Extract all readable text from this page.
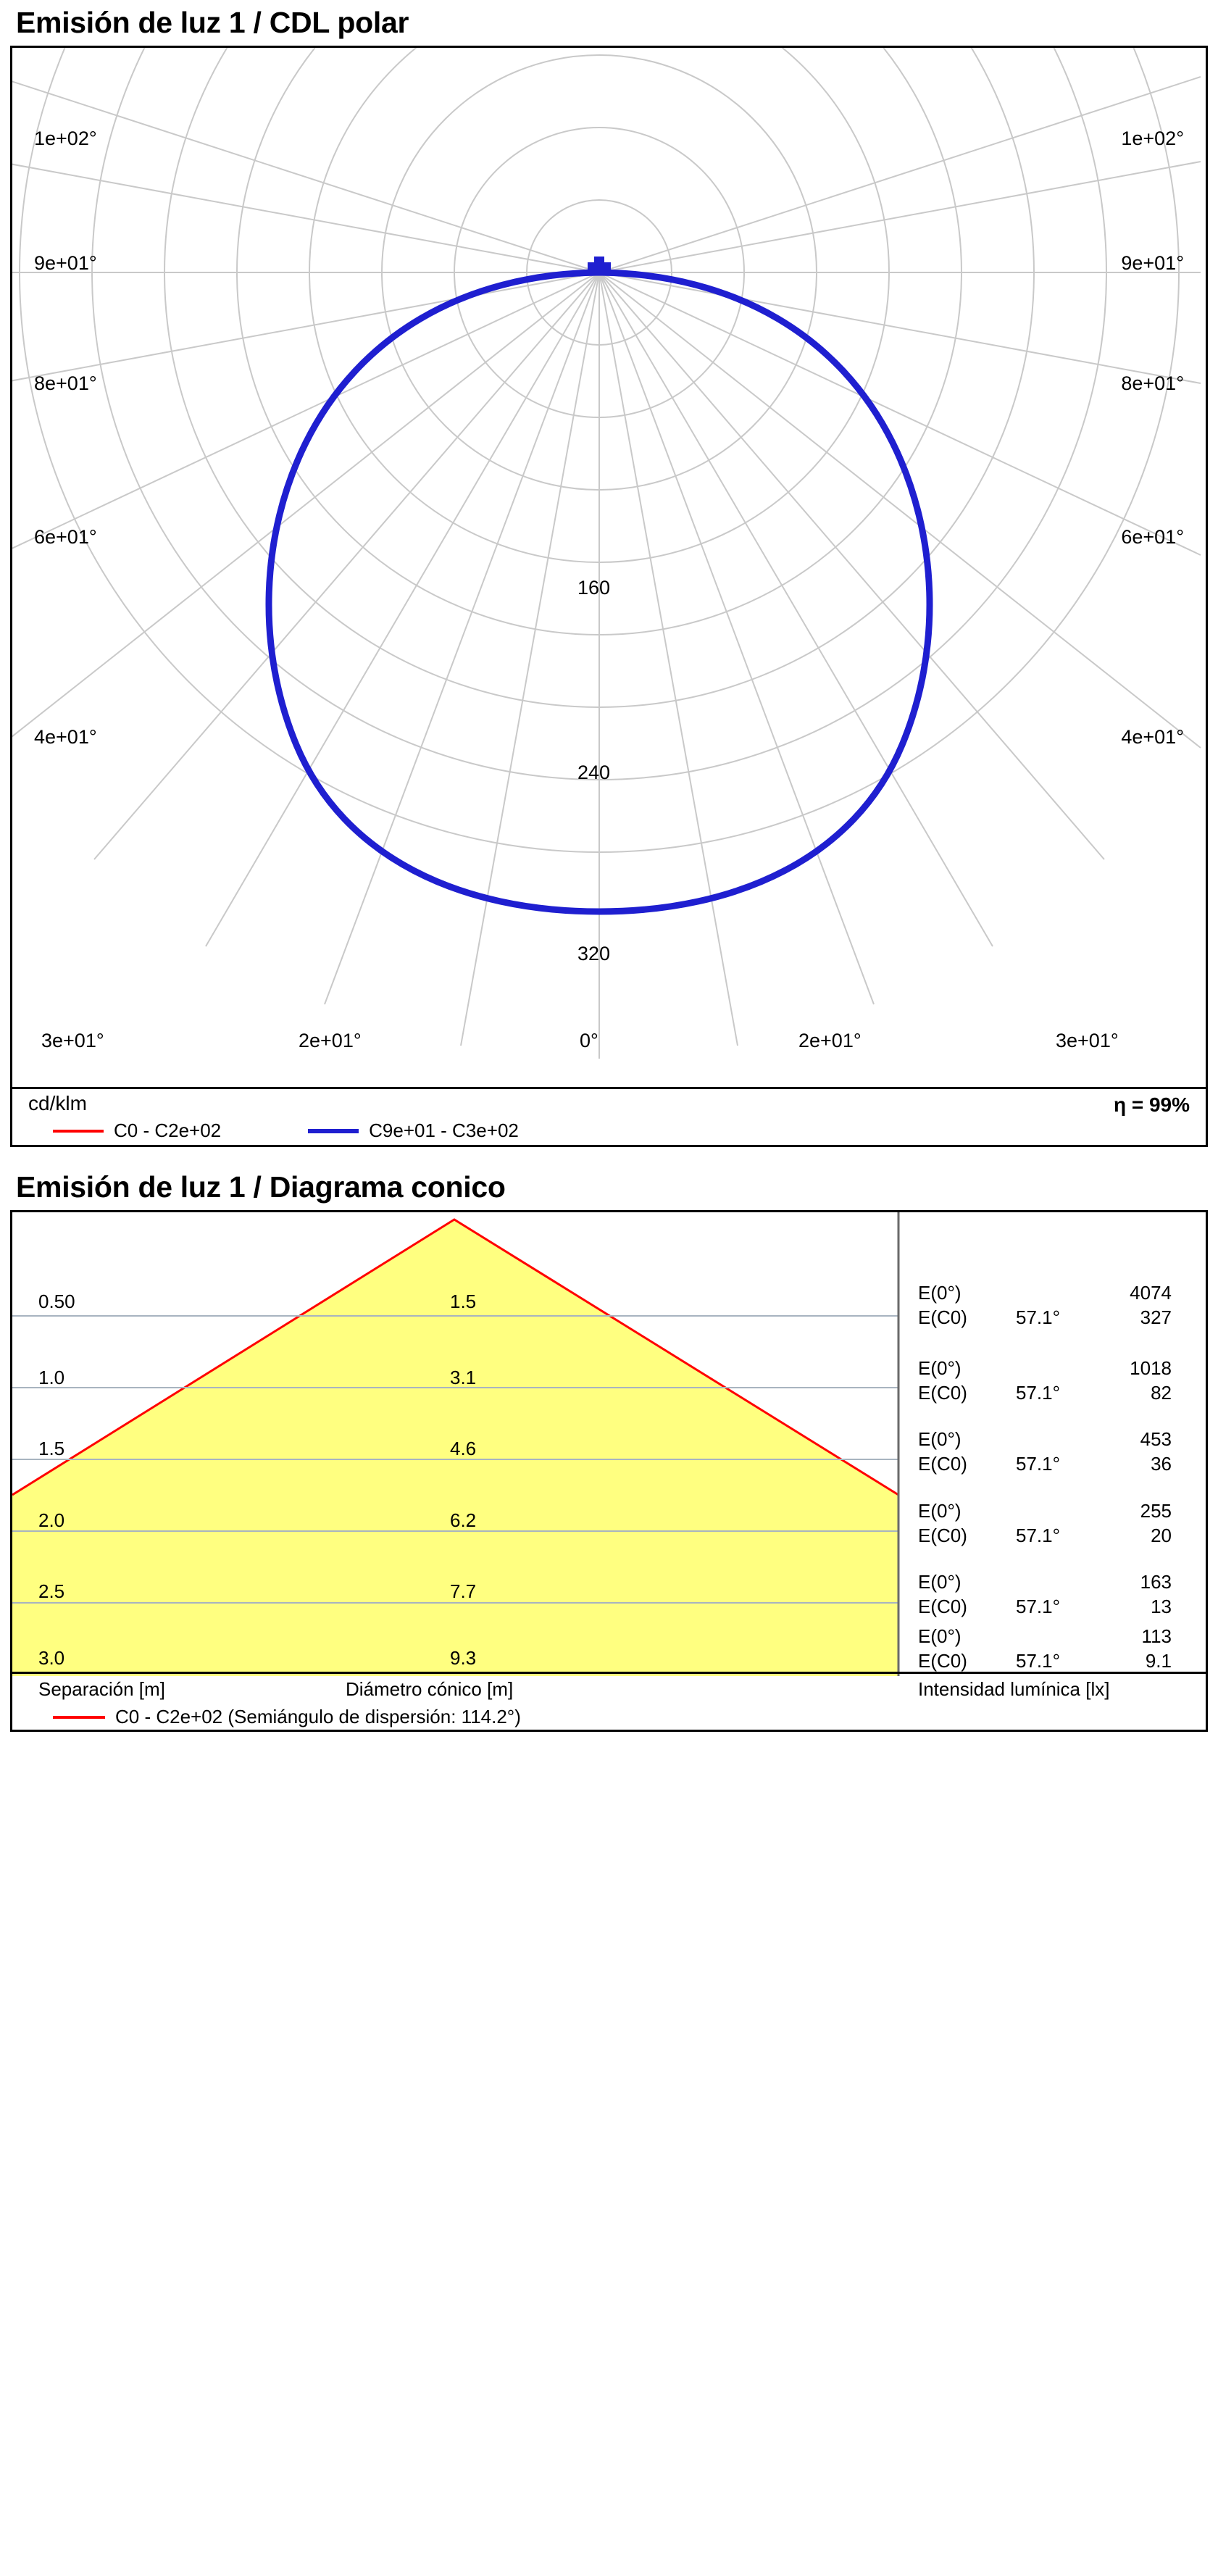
Emisión de luz 1 / CDL polar
1e+02°
9e+01°
8e+01°
6e+01°
4e+01°
1e+02°
9e+01°
8e+01°
6e+01°
4e+01°
3e+01°	2e+01°	0°	2e+01°	3e+01°
160
240
320
cd/klm	η = 99%
C0 - C2e+02	C9e+01 - C3e+02
Emisión de luz 1 / Diagrama conico
0.50	1.5	E(0°)	4074
E(C0)	57.1°	327
1.0	3.1	E(0°)	1018
E(C0)	57.1°	82
1.5	4.6	E(0°)	453
E(C0)	57.1°	36
2.0	6.2	E(0°)	255
E(C0)	57.1°	20
2.5	7.7	E(0°)	163
E(C0)	57.1°	13
3.0	9.3
E(0°)	113
E(C0)	57.1°	9.1
Separación [m]	Diámetro cónico [m]	Intensidad lumínica [lx]
C0 - C2e+02 (Semiángulo de dispersión: 114.2°)
